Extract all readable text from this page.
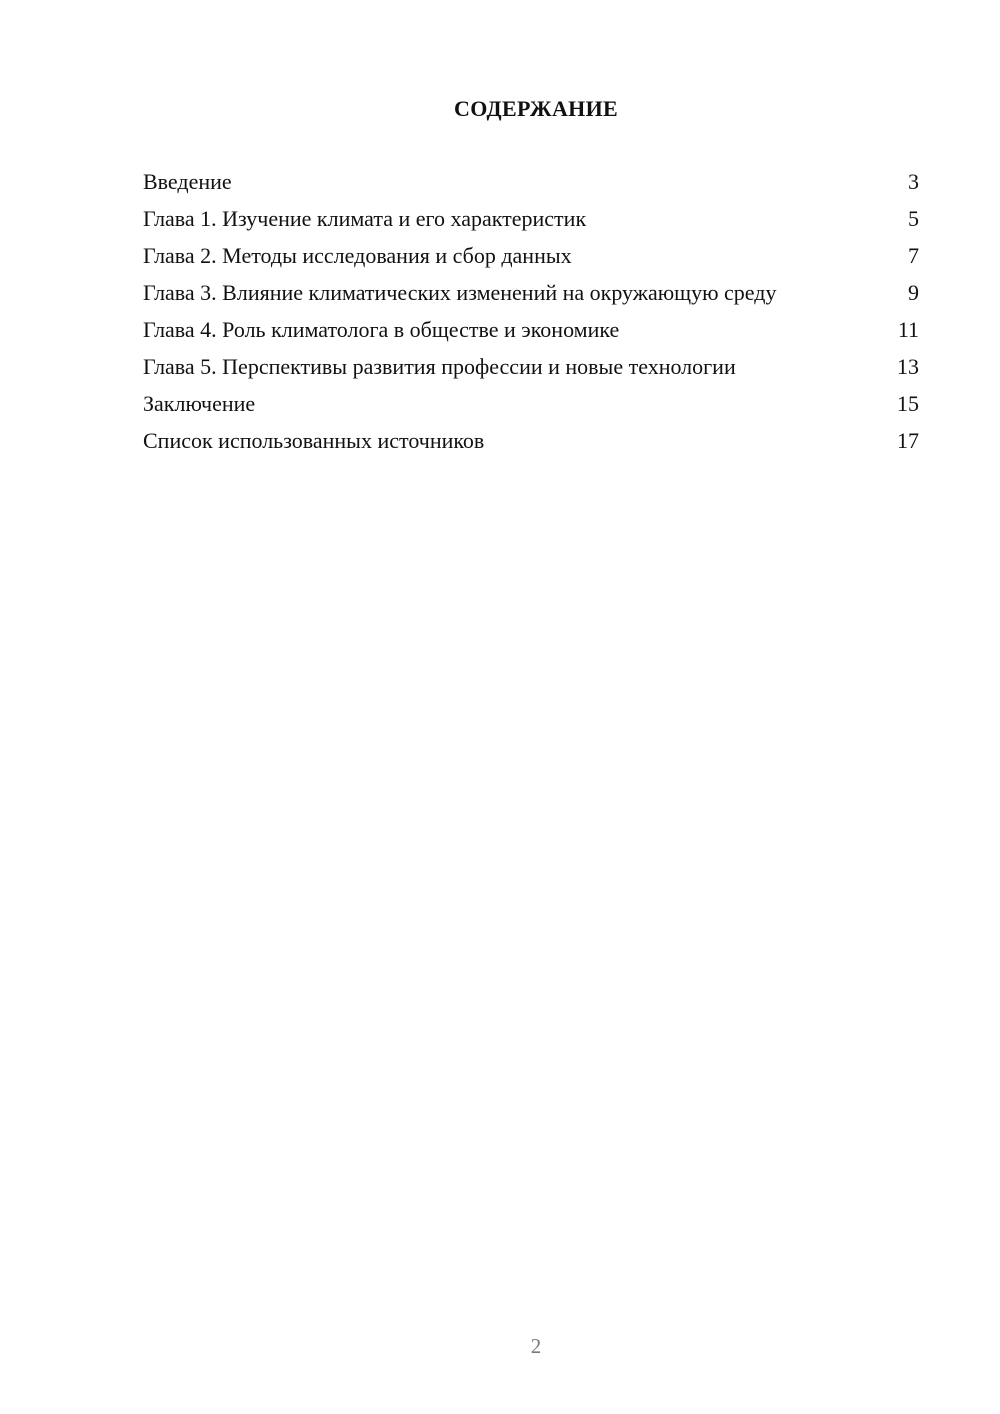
СОДЕРЖАНИЕ
Введение	3
Глава 1. Изучение климата и его характеристик	5
Глава 2. Методы исследования и сбор данных	7
Глава 3. Влияние климатических изменений на окружающую среду	9
Глава 4. Роль климатолога в обществе и экономике	11
Глава 5. Перспективы развития профессии и новые технологии	13
Заключение	15
Список использованных источников	17
2
